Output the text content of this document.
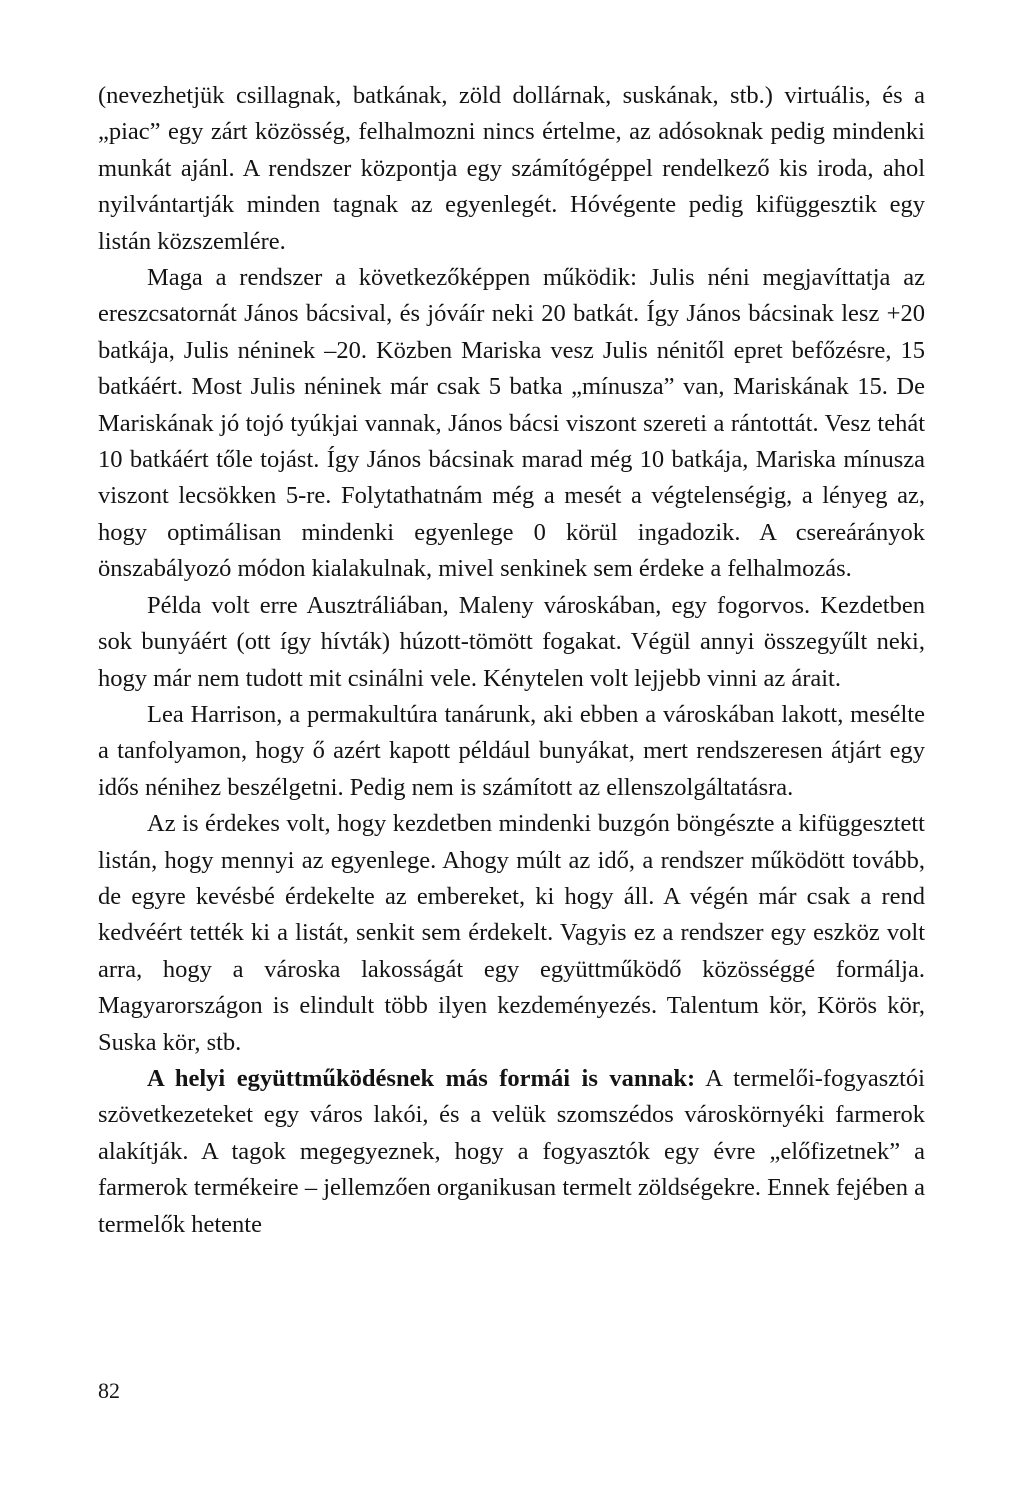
(nevezhetjük csillagnak, batkának, zöld dollárnak, suskának, stb.) virtuális, és a „piac” egy zárt közösség, felhalmozni nincs értelme, az adósoknak pedig mindenki munkát ajánl. A rendszer központja egy számítógéppel rendelkező kis iroda, ahol nyilvántartják minden tagnak az egyenlegét. Hóvégente pedig kifüggesztik egy listán közszemlére.

Maga a rendszer a következőképpen működik: Julis néni megjavíttatja az ereszcsatornát János bácsival, és jóváír neki 20 batkát. Így János bácsinak lesz +20 batkája, Julis néninek –20. Közben Mariska vesz Julis nénitől epret befőzésre, 15 batkáért. Most Julis néninek már csak 5 batka „mínusza” van, Mariskának 15. De Mariskának jó tojó tyúkjai vannak, János bácsi viszont szereti a rántottát. Vesz tehát 10 batkáért tőle tojást. Így János bácsinak marad még 10 batkája, Mariska mínusza viszont lecsökken 5-re. Folytathatnám még a mesét a végtelenségig, a lényeg az, hogy optimálisan mindenki egyenlege 0 körül ingadozik. A csereárányok önszabályozó módon kialakulnak, mivel senkinek sem érdeke a felhalmozás.

Példa volt erre Ausztráliában, Maleny városkában, egy fogorvos. Kezdetben sok bunyáért (ott így hívták) húzott-tömött fogakat. Végül annyi összegyűlt neki, hogy már nem tudott mit csinálni vele. Kénytelen volt lejjebb vinni az árait.

Lea Harrison, a permakultúra tanárunk, aki ebben a városkában lakott, mesélte a tanfolyamon, hogy ő azért kapott például bunyákat, mert rendszeresen átjárt egy idős nénihez beszélgetni. Pedig nem is számított az ellenszolgáltatásra.

Az is érdekes volt, hogy kezdetben mindenki buzgón böngészte a kifüggesztett listán, hogy mennyi az egyenlege. Ahogy múlt az idő, a rendszer működött tovább, de egyre kevésbé érdekelte az embereket, ki hogy áll. A végén már csak a rend kedvéért tették ki a listát, senkit sem érdekelt. Vagyis ez a rendszer egy eszköz volt arra, hogy a városka lakosságát egy együttműködő közösséggé formálja. Magyarországon is elindult több ilyen kezdeményezés. Talentum kör, Körös kör, Suska kör, stb.

A helyi együttműködésnek más formái is vannak: A termelői-fogyasztói szövetkezeteket egy város lakói, és a velük szomszédos városkörnyéki farmerok alakítják. A tagok megegyeznek, hogy a fogyasztók egy évre „előfizetnek” a farmerok termékeire – jellemzően organikusan termelt zöldségekre. Ennek fejében a termelők hetente

82
